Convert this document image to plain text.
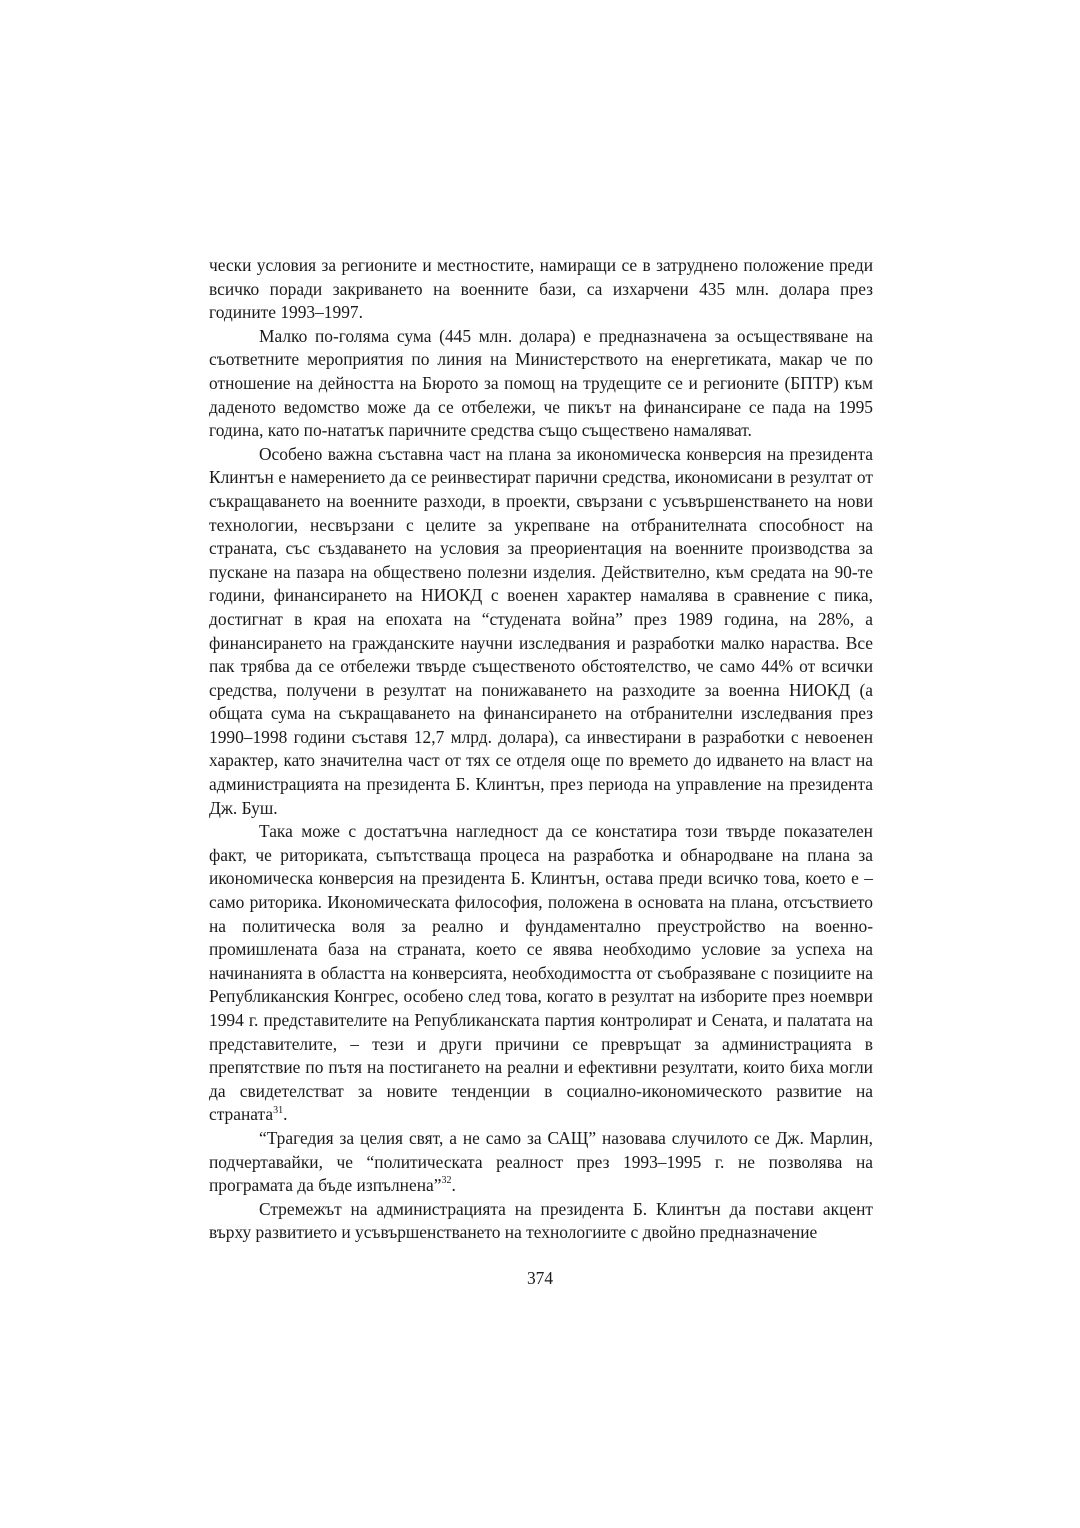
чески условия за регионите и местностите, намиращи се в затруднено положение преди всичко поради закриването на военните бази, са изхарчени 435 млн. долара през годините 1993–1997.

Малко по-голяма сума (445 млн. долара) е предназначена за осъществяване на съответните мероприятия по линия на Министерството на енергетиката, макар че по отношение на дейността на Бюрото за помощ на трудещите се и регионите (БПТР) към даденото ведомство може да се отбележи, че пикът на финансиране се пада на 1995 година, като по-нататък паричните средства също съществено намаляват.

Особено важна съставна част на плана за икономическа конверсия на президента Клинтън е намерението да се реинвестират парични средства, икономисани в резултат от съкращаването на военните разходи, в проекти, свързани с усъвършенстването на нови технологии, несвързани с целите за укрепване на отбранителната способност на страната, със създаването на условия за преориентация на военните производства за пускане на пазара на обществено полезни изделия. Действително, към средата на 90-те години, финансирането на НИОКД с военен характер намалява в сравнение с пика, достигнат в края на епохата на “студената война” през 1989 година, на 28%, а финансирането на гражданските научни изследвания и разработки малко нараства. Все пак трябва да се отбележи твърде същественото обстоятелство, че само 44% от всички средства, получени в резултат на понижаването на разходите за военна НИОКД (а общата сума на съкращаването на финансирането на отбранителни изследвания през 1990–1998 години съставя 12,7 млрд. долара), са инвестирани в разработки с невоенен характер, като значителна част от тях се отделя още по времето до идването на власт на администрацията на президента Б. Клинтън, през периода на управление на президента Дж. Буш.

Така може с достатъчна нагледност да се констатира този твърде показателен факт, че риториката, съпътстваща процеса на разработка и обнародване на плана за икономическа конверсия на президента Б. Клинтън, остава преди всичко това, което е – само риторика. Икономическата философия, положена в основата на плана, отсъствието на политическа воля за реално и фундаментално преустройство на военно-промишлената база на страната, което се явява необходимо условие за успеха на начинанията в областта на конверсията, необходимостта от съобразяване с позициите на Републиканския Конгрес, особено след това, когато в резултат на изборите през ноември 1994 г. представителите на Републиканската партия контролират и Сената, и палатата на представителите, – тези и други причини се превръщат за администрацията в препятствие по пътя на постигането на реални и ефективни резултати, които биха могли да свидетелстват за новите тенденции в социално-икономическото развитие на страната$^{31}$.

“Трагедия за целия свят, а не само за САЩ” назовава случилото се Дж. Марлин, подчертавайки, че “политическата реалност през 1993–1995 г. не позволява на програмата да бъде изпълнена”$^{32}$.

Стремежът на администрацията на президента Б. Клинтън да постави акцент върху развитието и усъвършенстването на технологиите с двойно предназначение

374
